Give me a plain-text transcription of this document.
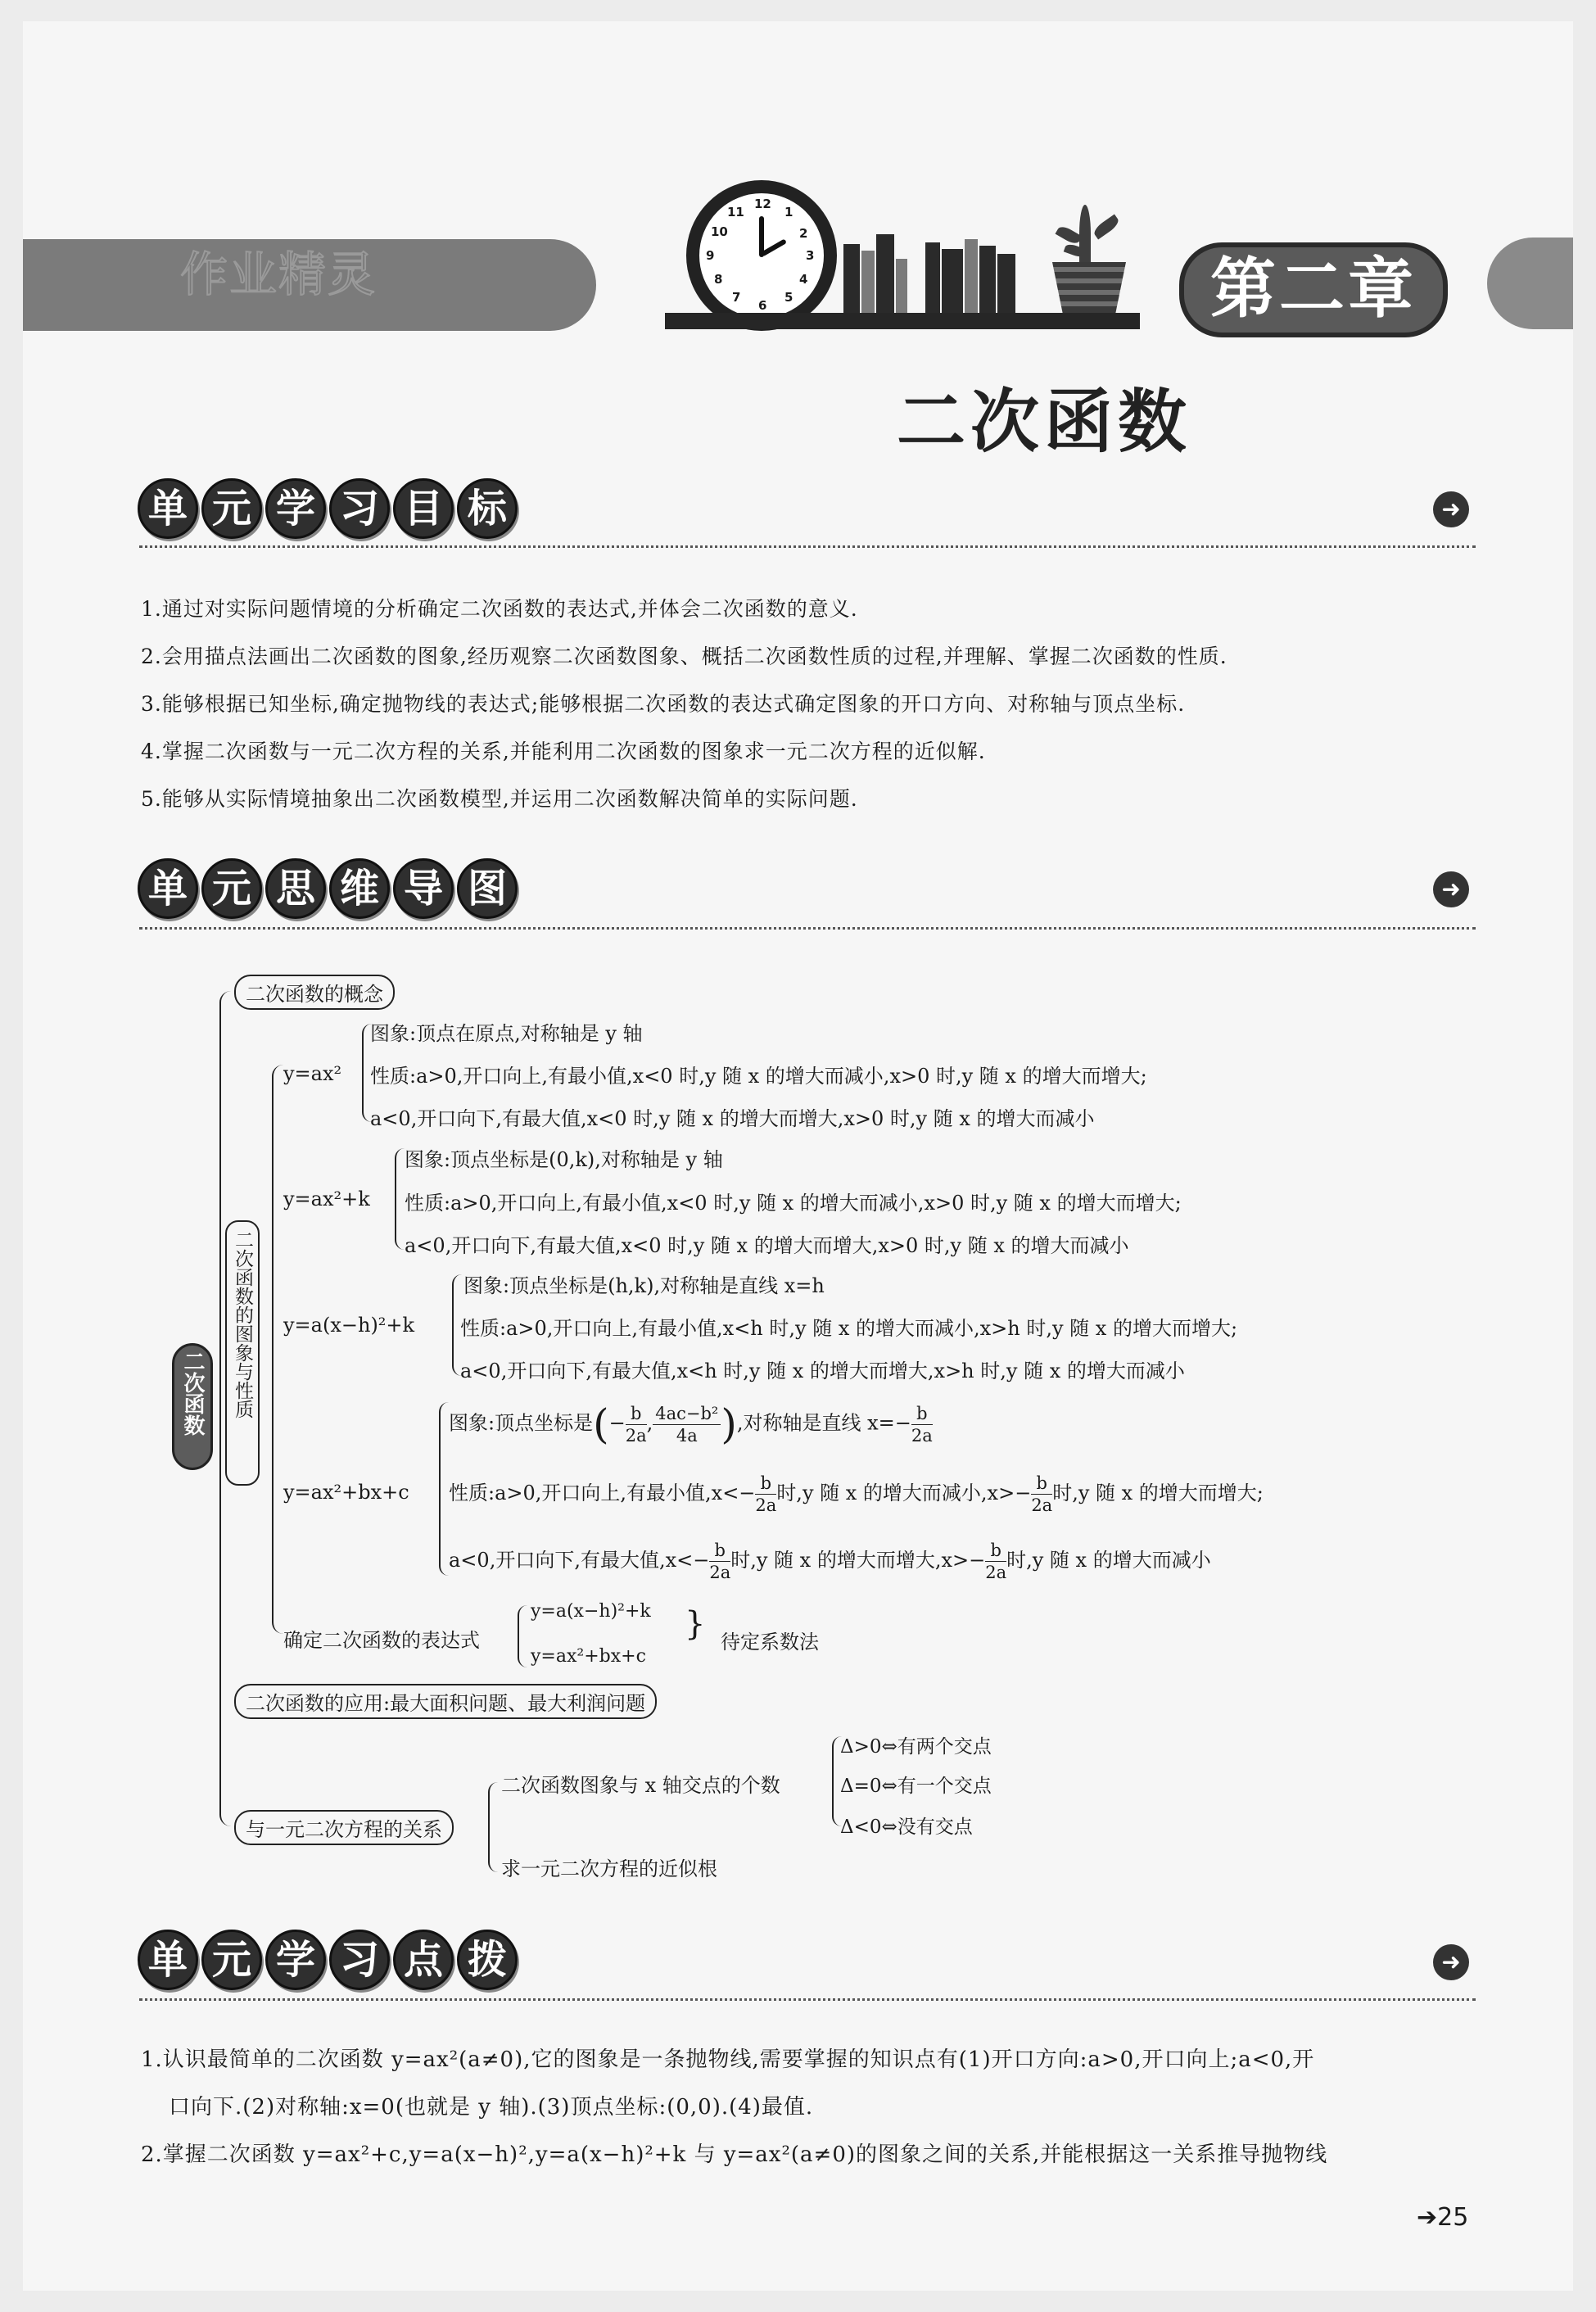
作业精灵
12
1
2
3
4
5
6
7
8
9
10
11
第二章
二次函数
单 元 学 习 目 标	➜
1.通过对实际问题情境的分析确定二次函数的表达式,并体会二次函数的意义.
2.会用描点法画出二次函数的图象,经历观察二次函数图象、概括二次函数性质的过程,并理解、掌握二次函数的性质.
3.能够根据已知坐标,确定抛物线的表达式;能够根据二次函数的表达式确定图象的开口方向、对称轴与顶点坐标.
4.掌握二次函数与一元二次方程的关系,并能利用二次函数的图象求一元二次方程的近似解.
5.能够从实际情境抽象出二次函数模型,并运用二次函数解决简单的实际问题.
单 元 思 维 导 图	➜
二次函数
二次函数的概念
二次函数的图象与性质
y=ax²
图象:顶点在原点,对称轴是 y 轴
性质:a>0,开口向上,有最小值,x<0 时,y 随 x 的增大而减小,x>0 时,y 随 x 的增大而增大;
a<0,开口向下,有最大值,x<0 时,y 随 x 的增大而增大,x>0 时,y 随 x 的增大而减小
y=ax²+k
图象:顶点坐标是(0,k),对称轴是 y 轴
性质:a>0,开口向上,有最小值,x<0 时,y 随 x 的增大而减小,x>0 时,y 随 x 的增大而增大;
a<0,开口向下,有最大值,x<0 时,y 随 x 的增大而增大,x>0 时,y 随 x 的增大而减小
y=a(x−h)²+k
图象:顶点坐标是(h,k),对称轴是直线 x=h
性质:a>0,开口向上,有最小值,x<h 时,y 随 x 的增大而减小,x>h 时,y 随 x 的增大而增大;
a<0,开口向下,有最大值,x<h 时,y 随 x 的增大而增大,x>h 时,y 随 x 的增大而减小
y=ax²+bx+c
图象:顶点坐标是(− $\frac{b}{2a}$ , $\frac{\text{4ac−b²}}{4a}$ ),对称轴是直线 $x=- \frac{b}{2a}$
性质:a>0,开口向上,有最小值$,x<- \frac{b}{2a}$ 时,y 随 x 的增大而减小$,x>- \frac{b}{2a}$ 时,y 随 x 的增大而增大;
a<0,开口向下,有最大值$,x<- \frac{b}{2a}$ 时,y 随 x 的增大而增大$,x>- \frac{b}{2a}$ 时,y 随 x 的增大而减小
确定二次函数的表达式
y=a(x−h)²+k
y=ax²+bx+c
} 待定系数法
二次函数的应用:最大面积问题、最大利润问题
与一元二次方程的关系
二次函数图象与 x 轴交点的个数
Δ>0⇔有两个交点
Δ=0⇔有一个交点
Δ<0⇔没有交点
求一元二次方程的近似根
单 元 学 习 点 拨	➜
1.认识最简单的二次函数 y=ax²(a≠0),它的图象是一条抛物线,需要掌握的知识点有(1)开口方向:a>0,开口向上;a<0,开
口向下.(2)对称轴:x=0(也就是 y 轴).(3)顶点坐标:(0,0).(4)最值.
2.掌握二次函数 y=ax²+c,y=a(x−h)²,y=a(x−h)²+k 与 y=ax²(a≠0)的图象之间的关系,并能根据这一关系推导抛物线
➔25
